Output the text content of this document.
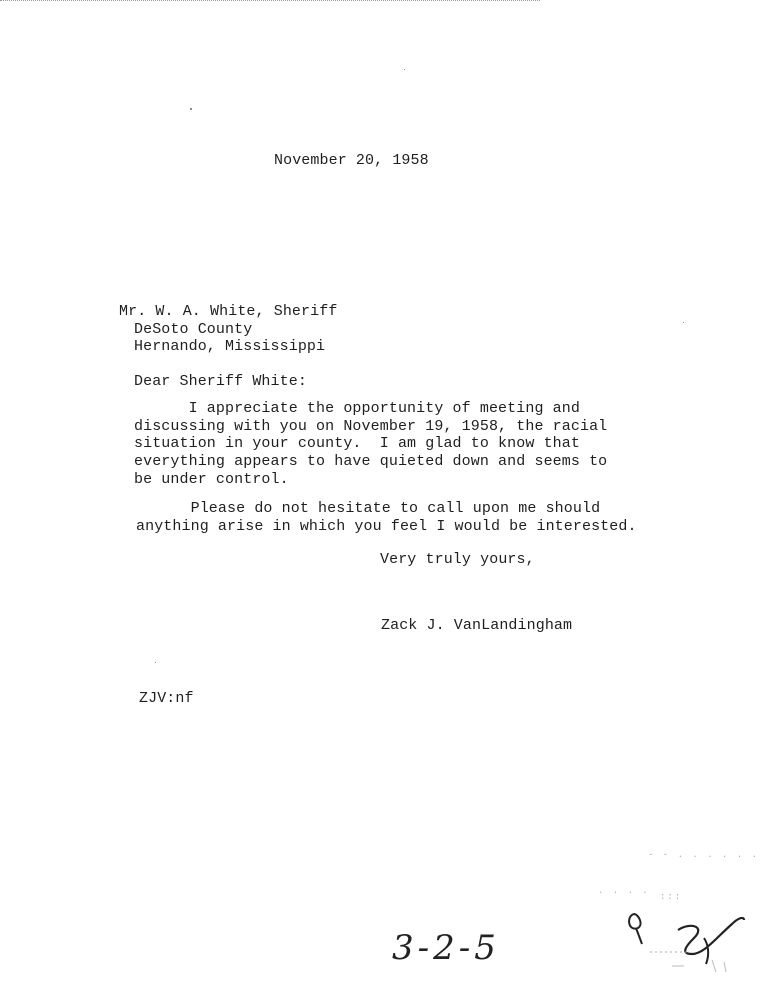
November 20, 1958
Mr. W. A. White, Sheriff
DeSoto County
Hernando, Mississippi
Dear Sheriff White:
I appreciate the opportunity of meeting and
discussing with you on November 19, 1958, the racial
situation in your county.  I am glad to know that
everything appears to have quieted down and seems to
be under control.
Please do not hesitate to call upon me should
anything arise in which you feel I would be interested.
Very truly yours,
Zack J. VanLandingham
ZJV:nf
- - . . . . . .
. . . .
:::
3-2-5
